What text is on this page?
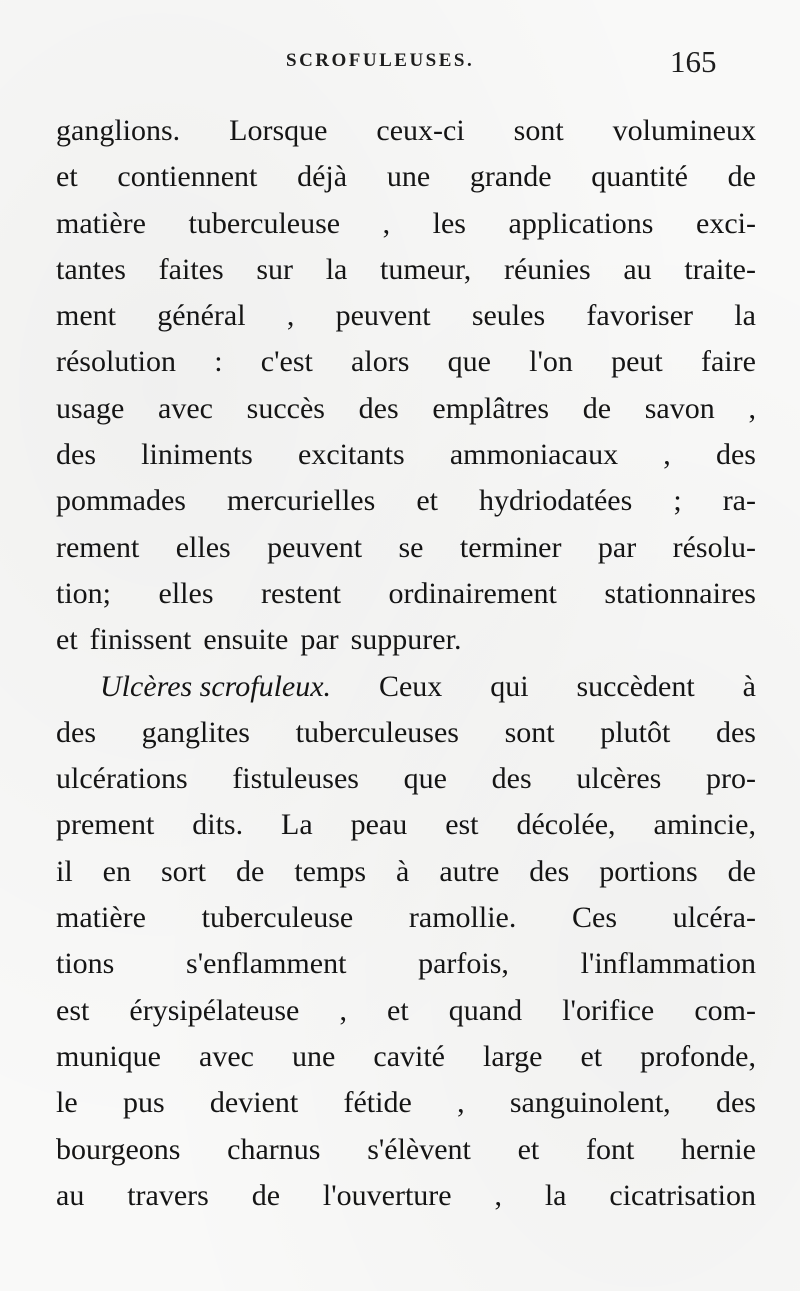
SCROFULEUSES.	165
ganglions. Lorsque ceux-ci sont volumineux
et contiennent déjà une grande quantité de
matière tuberculeuse , les applications exci-
tantes faites sur la tumeur, réunies au traite-
ment général , peuvent seules favoriser la
résolution : c'est alors que l'on peut faire
usage avec succès des emplâtres de savon ,
des liniments excitants ammoniacaux , des
pommades mercurielles et hydriodatées ; ra-
rement elles peuvent se terminer par résolu-
tion; elles restent ordinairement stationnaires
et finissent ensuite par suppurer.
Ulcères scrofuleux. Ceux qui succèdent à
des ganglites tuberculeuses sont plutôt des
ulcérations fistuleuses que des ulcères pro-
prement dits. La peau est décolée, amincie,
il en sort de temps à autre des portions de
matière tuberculeuse ramollie. Ces ulcéra-
tions s'enflamment parfois, l'inflammation
est érysipélateuse , et quand l'orifice com-
munique avec une cavité large et profonde,
le pus devient fétide , sanguinolent, des
bourgeons charnus s'élèvent et font hernie
au travers de l'ouverture , la cicatrisation
